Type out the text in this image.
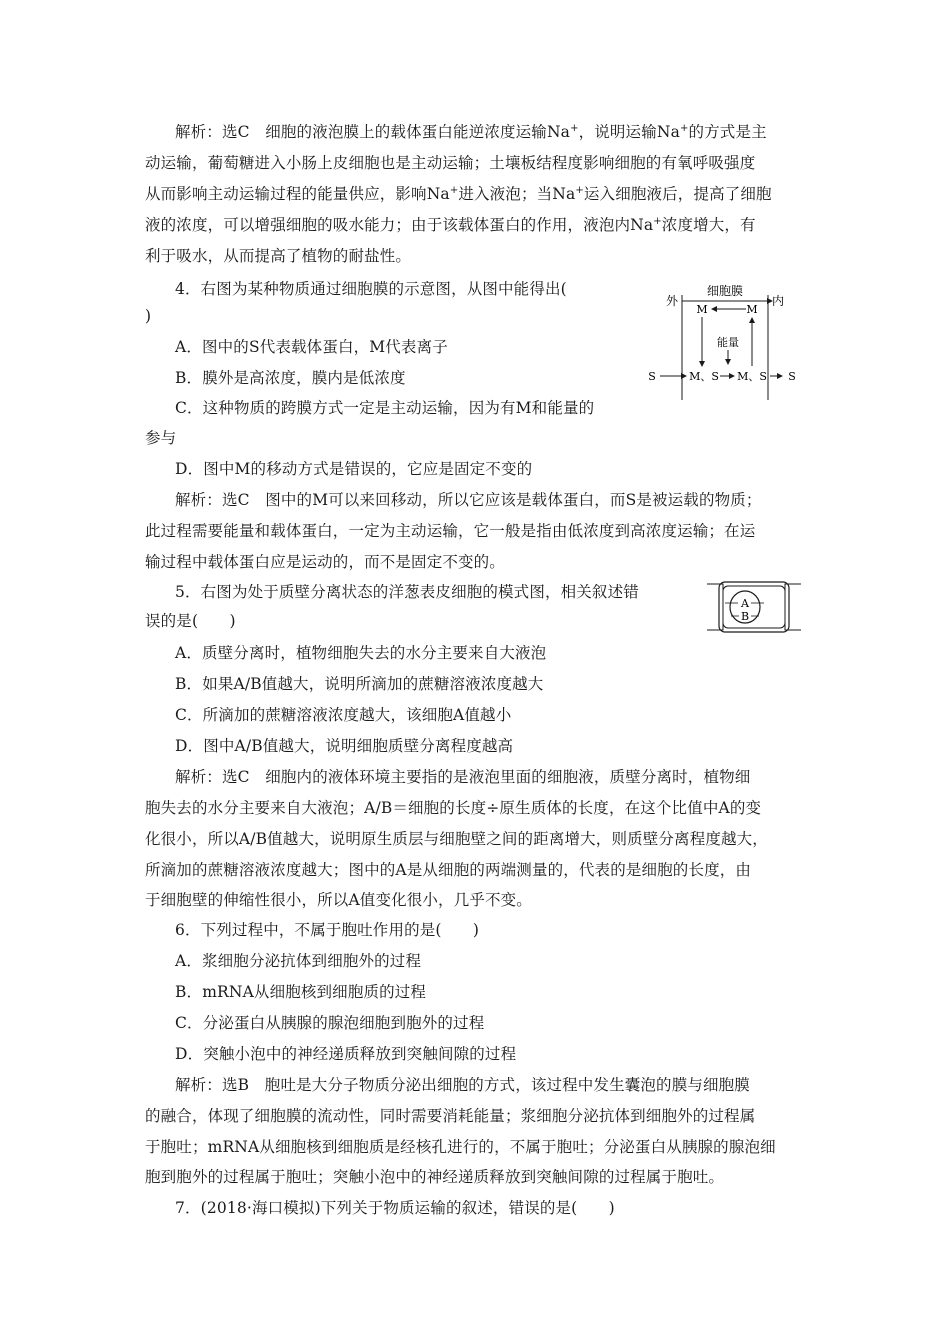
解析：选C　细胞的液泡膜上的载体蛋白能逆浓度运输Na+，说明运输Na+的方式是主
动运输，葡萄糖进入小肠上皮细胞也是主动运输；土壤板结程度影响细胞的有氧呼吸强度
从而影响主动运输过程的能量供应，影响Na+进入液泡；当Na+运入细胞液后，提高了细胞
液的浓度，可以增强细胞的吸水能力；由于该载体蛋白的作用，液泡内Na+浓度增大，有
利于吸水，从而提高了植物的耐盐性。
4．右图为某种物质通过细胞膜的示意图，从图中能得出(
)
A．图中的S代表载体蛋白，M代表离子
B．膜外是高浓度，膜内是低浓度
C．这种物质的跨膜方式一定是主动运输，因为有M和能量的
参与
D．图中M的移动方式是错误的，它应是固定不变的
解析：选C　图中的M可以来回移动，所以它应该是载体蛋白，而S是被运载的物质；
此过程需要能量和载体蛋白，一定为主动运输，它一般是指由低浓度到高浓度运输；在运
输过程中载体蛋白应是运动的，而不是固定不变的。
细胞膜
外	内
M	M
能量
S	M、S M、S S
5．右图为处于质壁分离状态的洋葱表皮细胞的模式图，相关叙述错
误的是(　　)
A
B
A．质壁分离时，植物细胞失去的水分主要来自大液泡
B．如果A/B值越大，说明所滴加的蔗糖溶液浓度越大
C．所滴加的蔗糖溶液浓度越大，该细胞A值越小
D．图中A/B值越大，说明细胞质壁分离程度越高
解析：选C　细胞内的液体环境主要指的是液泡里面的细胞液，质壁分离时，植物细
胞失去的水分主要来自大液泡；A/B＝细胞的长度÷原生质体的长度，在这个比值中A的变
化很小，所以A/B值越大，说明原生质层与细胞壁之间的距离增大，则质壁分离程度越大，
所滴加的蔗糖溶液浓度越大；图中的A是从细胞的两端测量的，代表的是细胞的长度，由
于细胞壁的伸缩性很小，所以A值变化很小，几乎不变。
6．下列过程中，不属于胞吐作用的是(　　)
A．浆细胞分泌抗体到细胞外的过程
B．mRNA从细胞核到细胞质的过程
C．分泌蛋白从胰腺的腺泡细胞到胞外的过程
D．突触小泡中的神经递质释放到突触间隙的过程
解析：选B　胞吐是大分子物质分泌出细胞的方式，该过程中发生囊泡的膜与细胞膜
的融合，体现了细胞膜的流动性，同时需要消耗能量；浆细胞分泌抗体到细胞外的过程属
于胞吐；mRNA从细胞核到细胞质是经核孔进行的，不属于胞吐；分泌蛋白从胰腺的腺泡细
胞到胞外的过程属于胞吐；突触小泡中的神经递质释放到突触间隙的过程属于胞吐。
7．(2018·海口模拟)下列关于物质运输的叙述，错误的是(　　)
